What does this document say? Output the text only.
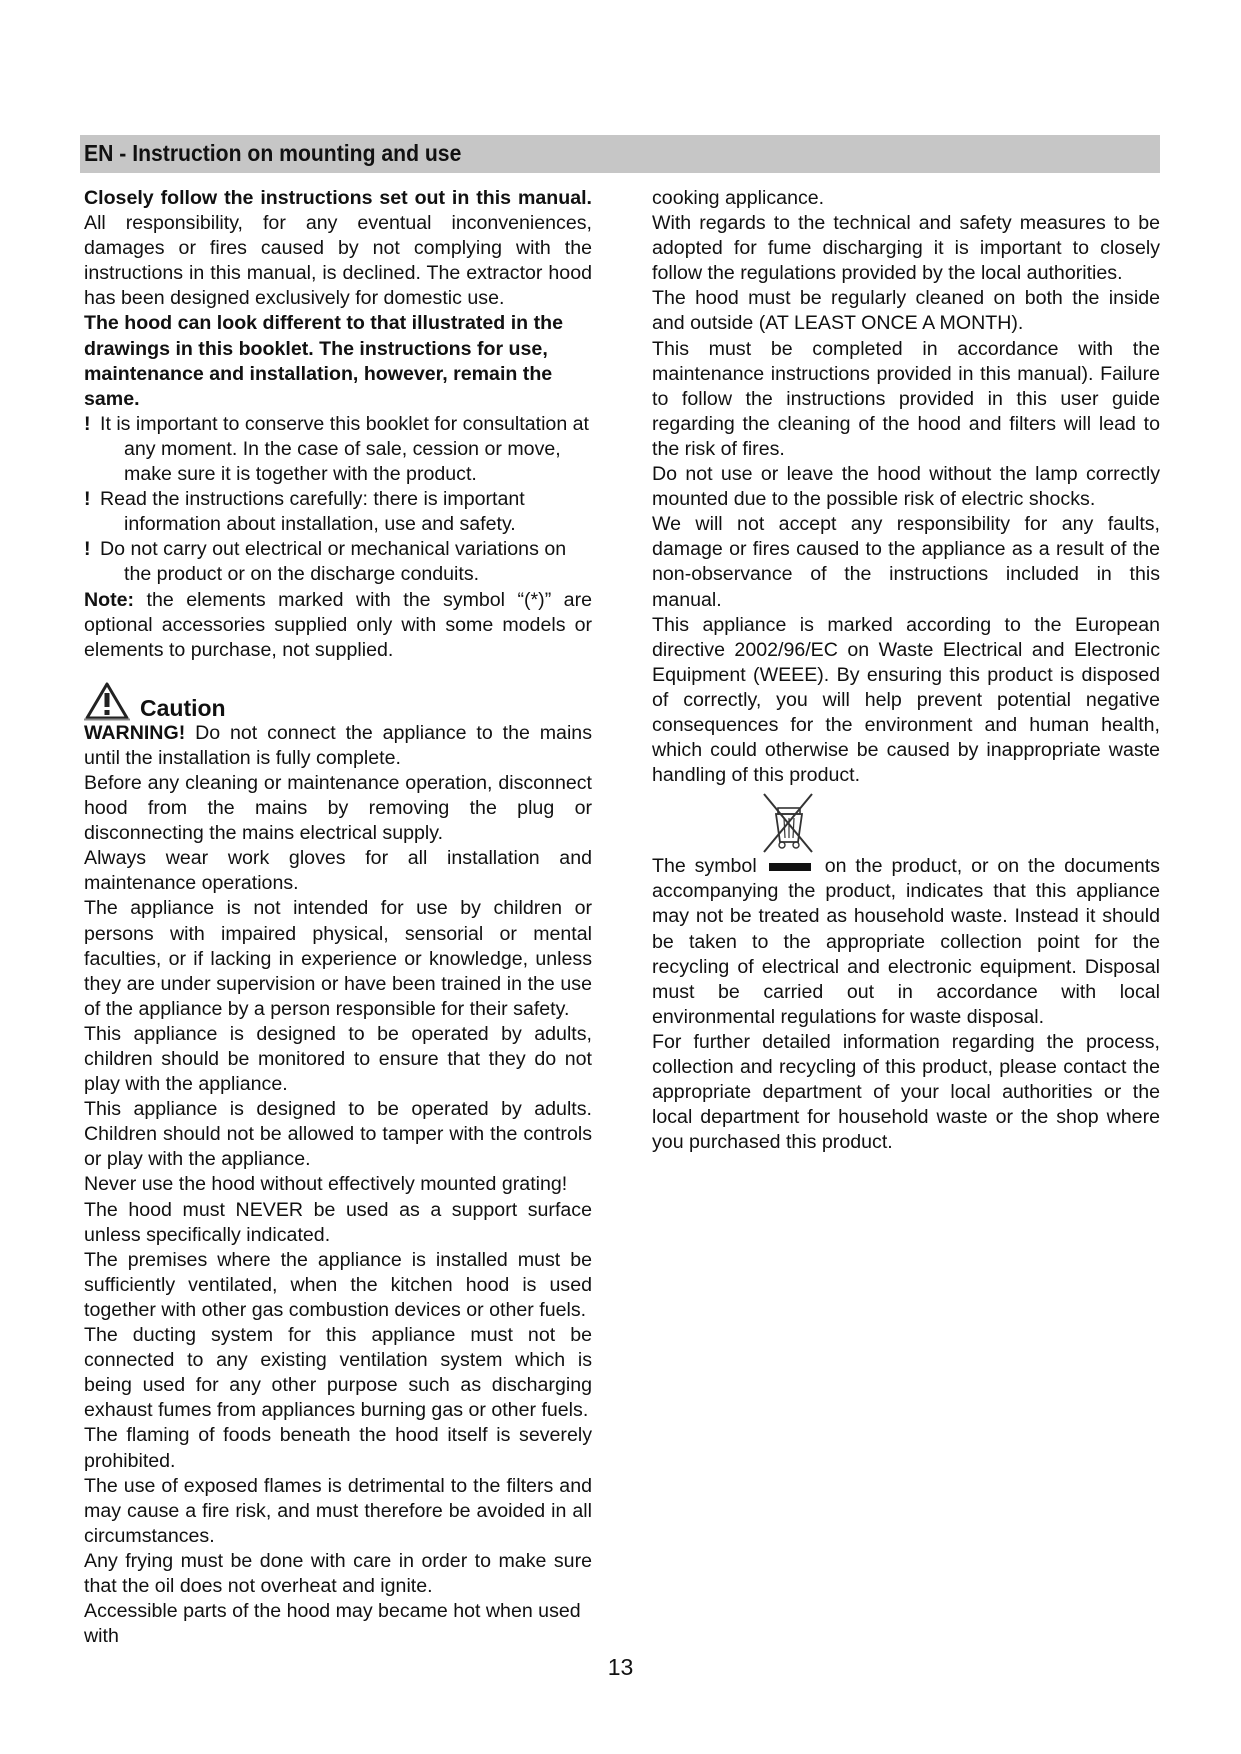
EN - Instruction on mounting and use

Closely follow the instructions set out in this manual. All responsibility, for any eventual inconveniences, damages or fires caused by not complying with the instructions in this manual, is declined. The extractor hood has been designed exclusively for domestic use.

The hood can look different to that illustrated in the drawings in this booklet. The instructions for use, maintenance and installation, however, remain the same.

! It is important to conserve this booklet for consultation at any moment. In the case of sale, cession or move, make sure it is together with the product.

! Read the instructions carefully: there is important information about installation, use and safety.

! Do not carry out electrical or mechanical variations on the product or on the discharge conduits.

Note: the elements marked with the symbol “(*)” are optional accessories supplied only with some models or elements to purchase, not supplied.

Caution

WARNING! Do not connect the appliance to the mains until the installation is fully complete.

Before any cleaning or maintenance operation, disconnect hood from the mains by removing the plug or disconnecting the mains electrical supply.

Always wear work gloves for all installation and maintenance operations.

The appliance is not intended for use by children or persons with impaired physical, sensorial or mental faculties, or if lacking in experience or knowledge, unless they are under supervision or have been trained in the use of the appliance by a person responsible for their safety.

This appliance is designed to be operated by adults, children should be monitored to ensure that they do not play with the appliance.

This appliance is designed to be operated by adults. Children should not be allowed to tamper with the controls or play with the appliance.

Never use the hood without effectively mounted grating!

The hood must NEVER be used as a support surface unless specifically indicated.

The premises where the appliance is installed must be sufficiently ventilated, when the kitchen hood is used together with other gas combustion devices or other fuels.

The ducting system for this appliance must not be connected to any existing ventilation system which is being used for any other purpose such as discharging exhaust fumes from appliances burning gas or other fuels.

The flaming of foods beneath the hood itself is severely prohibited.

The use of exposed flames is detrimental to the filters and may cause a fire risk, and must therefore be avoided in all circumstances.

Any frying must be done with care in order to make sure that the oil does not overheat and ignite.

Accessible parts of the hood may became hot when used with

cooking applicance.

With regards to the technical and safety measures to be adopted for fume discharging it is important to closely follow the regulations provided by the local authorities.

The hood must be regularly cleaned on both the inside and outside (AT LEAST ONCE A MONTH).

This must be completed in accordance with the maintenance instructions provided in this manual). Failure to follow the instructions provided in this user guide regarding the cleaning of the hood and filters will lead to the risk of fires.

Do not use or leave the hood without the lamp correctly mounted due to the possible risk of electric shocks.

We will not accept any responsibility for any faults, damage or fires caused to the appliance as a result of the non-observance of the instructions included in this manual.

This appliance is marked according to the European directive 2002/96/EC on Waste Electrical and Electronic Equipment (WEEE). By ensuring this product is disposed of correctly, you will help prevent potential negative consequences for the environment and human health, which could otherwise be caused by inappropriate waste handling of this product.

The symbol	on the product, or on the documents accompanying the product, indicates that this appliance may not be treated as household waste. Instead it should be taken to the appropriate collection point for the recycling of electrical and electronic equipment. Disposal must be carried out in accordance with local environmental regulations for waste disposal.

For further detailed information regarding the process, collection and recycling of this product, please contact the appropriate department of your local authorities or the local department for household waste or the shop where you purchased this product.

13
